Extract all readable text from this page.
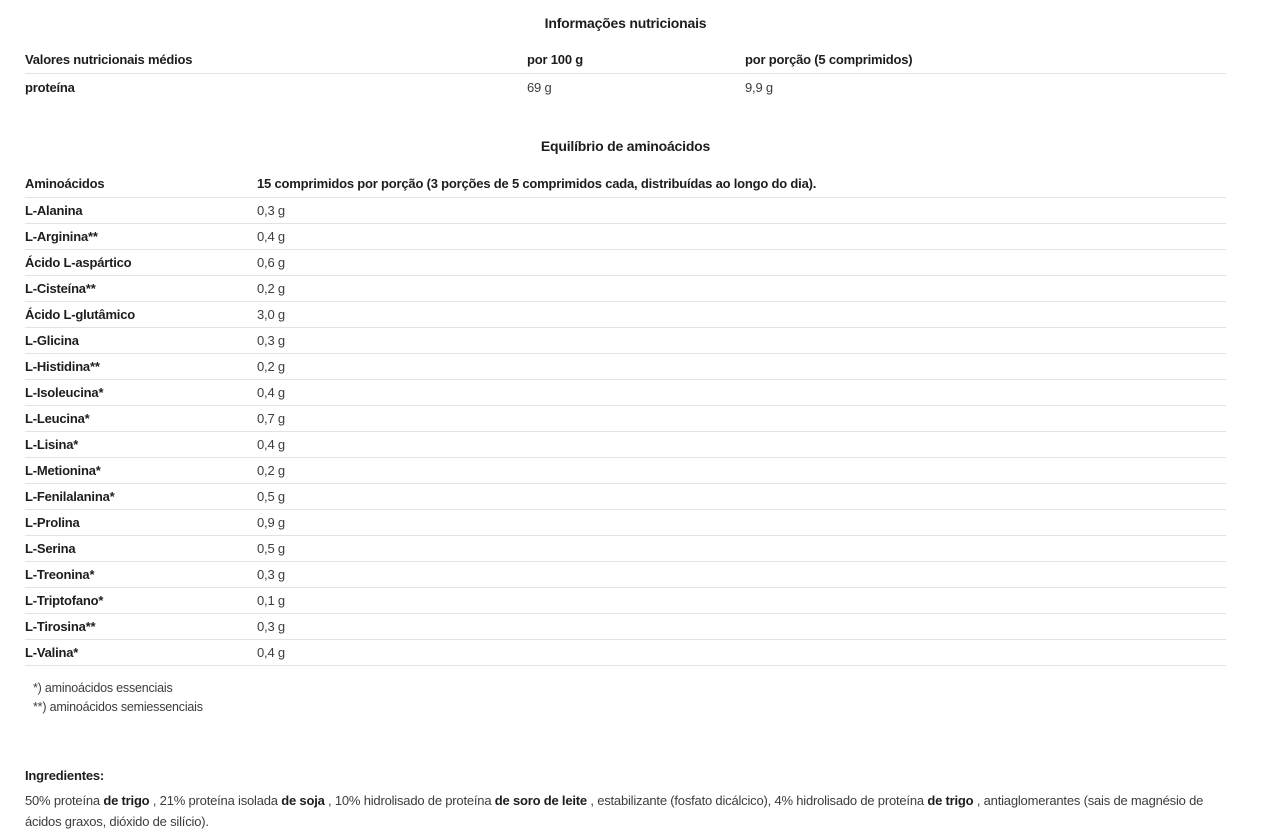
Informações nutricionais
Valores nutricionais médios	por 100 g	por porção (5 comprimidos)
proteína	69 g	9,9 g
Equilíbrio de aminoácidos
Aminoácidos	15 comprimidos por porção (3 porções de 5 comprimidos cada, distribuídas ao longo do dia).
L-Alanina	0,3 g
L-Arginina**	0,4 g
Ácido L-aspártico	0,6 g
L-Cisteína**	0,2 g
Ácido L-glutâmico	3,0 g
L-Glicina	0,3 g
L-Histidina**	0,2 g
L-Isoleucina*	0,4 g
L-Leucina*	0,7 g
L-Lisina*	0,4 g
L-Metionina*	0,2 g
L-Fenilalanina*	0,5 g
L-Prolina	0,9 g
L-Serina	0,5 g
L-Treonina*	0,3 g
L-Triptofano*	0,1 g
L-Tirosina**	0,3 g
L-Valina*	0,4 g
*) aminoácidos essenciais
**) aminoácidos semiessenciais
Ingredientes:
50% proteína de trigo , 21% proteína isolada de soja , 10% hidrolisado de proteína de soro de leite , estabilizante (fosfato dicálcico), 4% hidrolisado de proteína de trigo , antiaglomerantes (sais de magnésio de ácidos graxos, dióxido de silício).
